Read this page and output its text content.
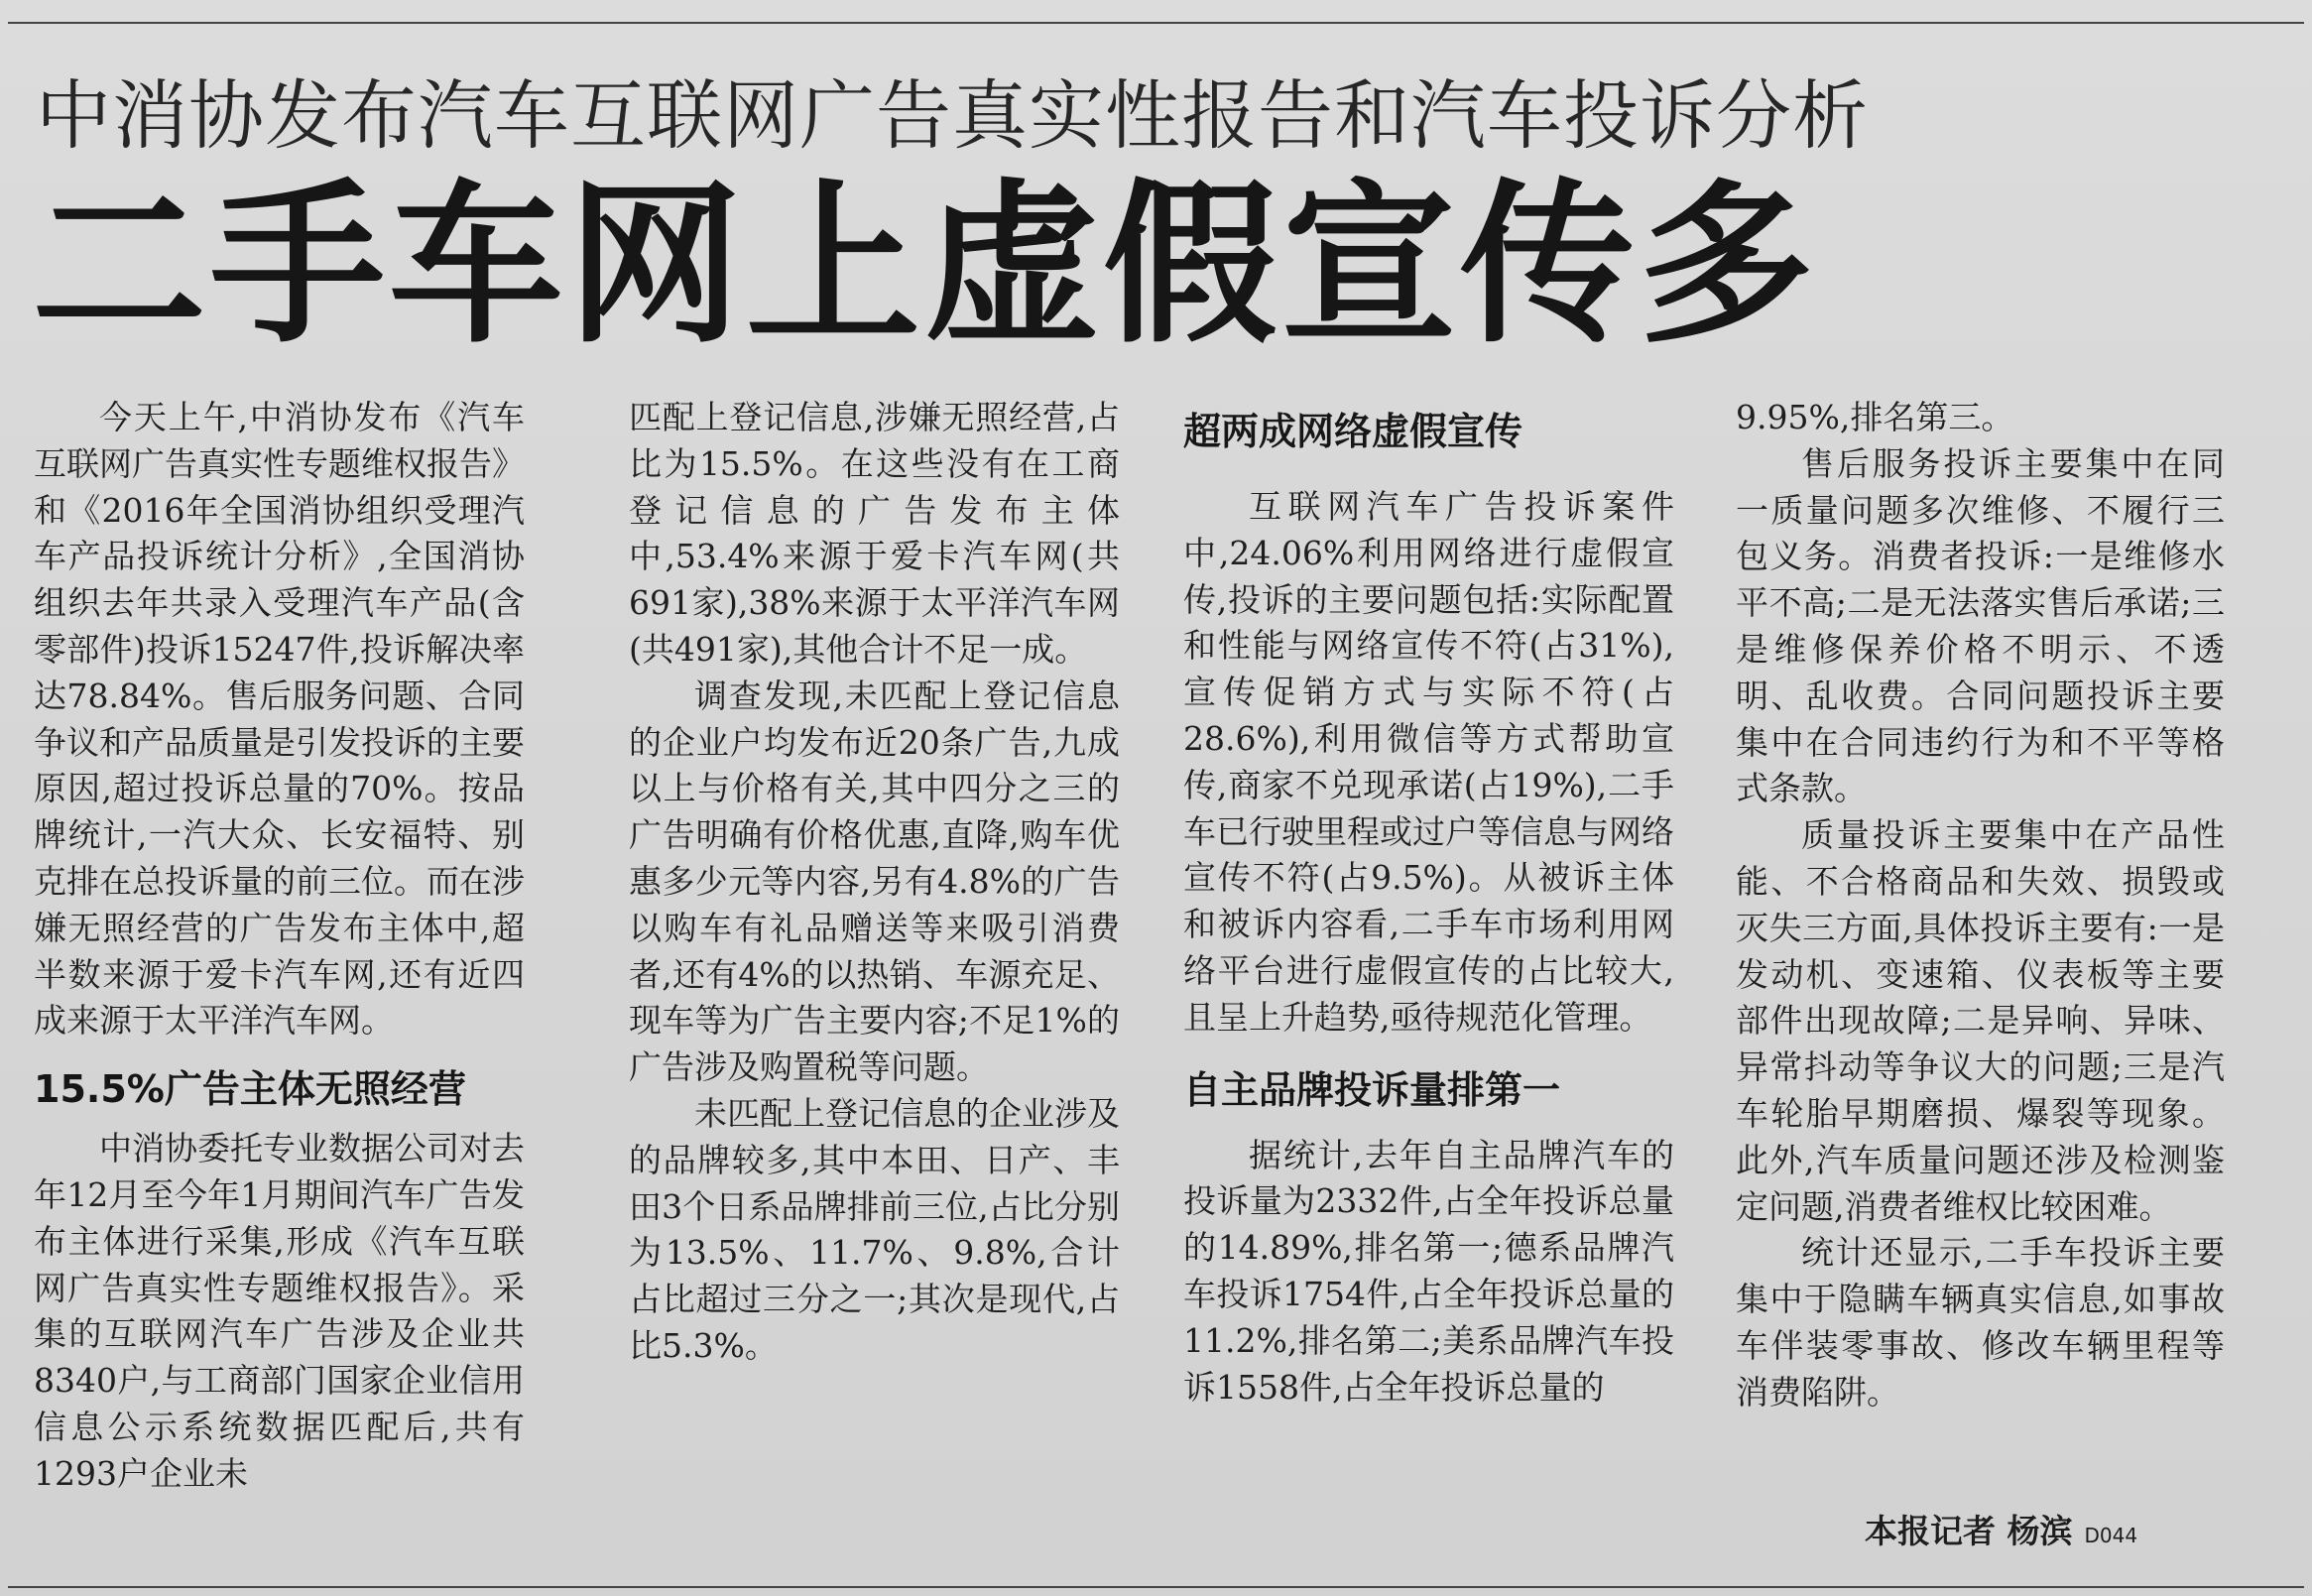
中消协发布汽车互联网广告真实性报告和汽车投诉分析
二手车网上虚假宣传多

今天上午,中消协发布《汽车互联网广告真实性专题维权报告》和《2016年全国消协组织受理汽车产品投诉统计分析》,全国消协组织去年共录入受理汽车产品(含零部件)投诉15247件,投诉解决率达78.84%。售后服务问题、合同争议和产品质量是引发投诉的主要原因,超过投诉总量的70%。按品牌统计,一汽大众、长安福特、别克排在总投诉量的前三位。而在涉嫌无照经营的广告发布主体中,超半数来源于爱卡汽车网,还有近四成来源于太平洋汽车网。

15.5%广告主体无照经营

中消协委托专业数据公司对去年12月至今年1月期间汽车广告发布主体进行采集,形成《汽车互联网广告真实性专题维权报告》。采集的互联网汽车广告涉及企业共8340户,与工商部门国家企业信用信息公示系统数据匹配后,共有1293户企业未

匹配上登记信息,涉嫌无照经营,占比为15.5%。在这些没有在工商登记信息的广告发布主体中,53.4%来源于爱卡汽车网(共691家),38%来源于太平洋汽车网(共491家),其他合计不足一成。

调查发现,未匹配上登记信息的企业户均发布近20条广告,九成以上与价格有关,其中四分之三的广告明确有价格优惠,直降,购车优惠多少元等内容,另有4.8%的广告以购车有礼品赠送等来吸引消费者,还有4%的以热销、车源充足、现车等为广告主要内容;不足1%的广告涉及购置税等问题。

未匹配上登记信息的企业涉及的品牌较多,其中本田、日产、丰田3个日系品牌排前三位,占比分别为13.5%、11.7%、9.8%,合计占比超过三分之一;其次是现代,占比5.3%。

超两成网络虚假宣传

互联网汽车广告投诉案件中,24.06%利用网络进行虚假宣传,投诉的主要问题包括:实际配置和性能与网络宣传不符(占31%),宣传促销方式与实际不符(占28.6%),利用微信等方式帮助宣传,商家不兑现承诺(占19%),二手车已行驶里程或过户等信息与网络宣传不符(占9.5%)。从被诉主体和被诉内容看,二手车市场利用网络平台进行虚假宣传的占比较大,且呈上升趋势,亟待规范化管理。

自主品牌投诉量排第一

据统计,去年自主品牌汽车的投诉量为2332件,占全年投诉总量的14.89%,排名第一;德系品牌汽车投诉1754件,占全年投诉总量的11.2%,排名第二;美系品牌汽车投诉1558件,占全年投诉总量的

9.95%,排名第三。

售后服务投诉主要集中在同一质量问题多次维修、不履行三包义务。消费者投诉:一是维修水平不高;二是无法落实售后承诺;三是维修保养价格不明示、不透明、乱收费。合同问题投诉主要集中在合同违约行为和不平等格式条款。

质量投诉主要集中在产品性能、不合格商品和失效、损毁或灭失三方面,具体投诉主要有:一是发动机、变速箱、仪表板等主要部件出现故障;二是异响、异味、异常抖动等争议大的问题;三是汽车轮胎早期磨损、爆裂等现象。此外,汽车质量问题还涉及检测鉴定问题,消费者维权比较困难。

统计还显示,二手车投诉主要集中于隐瞒车辆真实信息,如事故车伴装零事故、修改车辆里程等消费陷阱。

本报记者 杨滨 D044
